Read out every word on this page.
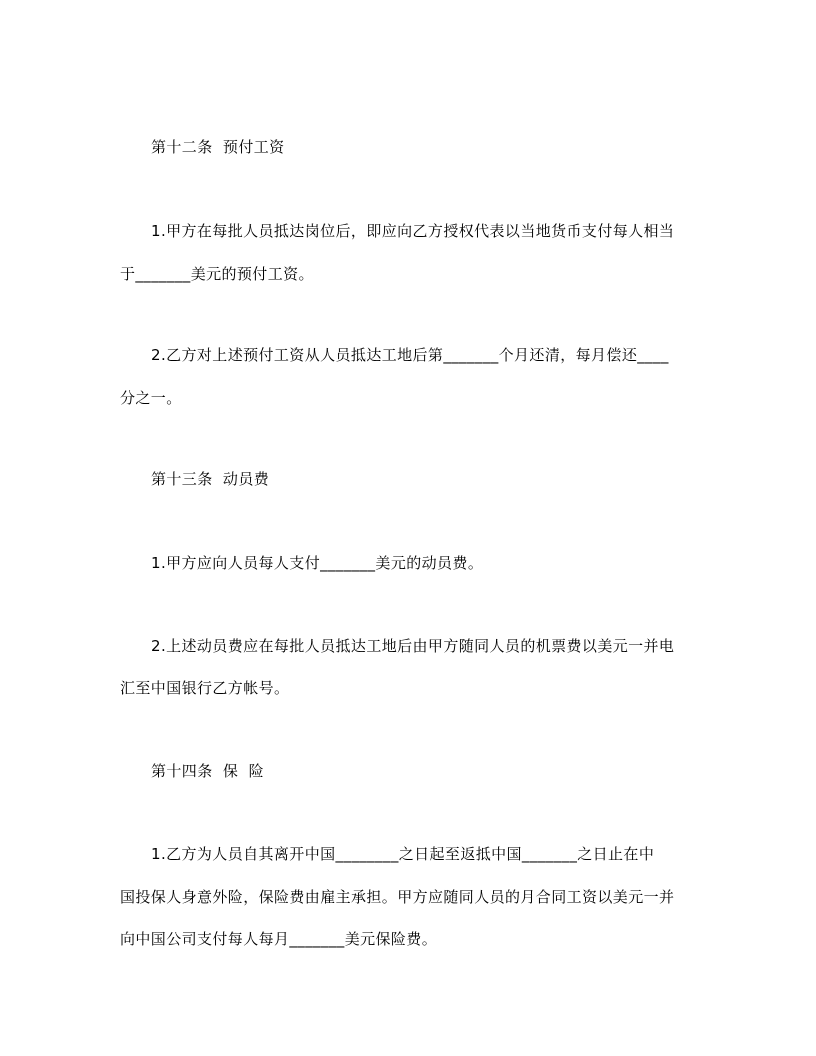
第十二条  预付工资
1.甲方在每批人员抵达岗位后，即应向乙方授权代表以当地货币支付每人相当
于_______美元的预付工资。
2.乙方对上述预付工资从人员抵达工地后第_______个月还清，每月偿还____
分之一。
第十三条  动员费
1.甲方应向人员每人支付_______美元的动员费。
2.上述动员费应在每批人员抵达工地后由甲方随同人员的机票费以美元一并电
汇至中国银行乙方帐号。
第十四条  保  险
1.乙方为人员自其离开中国________之日起至返抵中国_______之日止在中
国投保人身意外险，保险费由雇主承担。甲方应随同人员的月合同工资以美元一并
向中国公司支付每人每月_______美元保险费。
